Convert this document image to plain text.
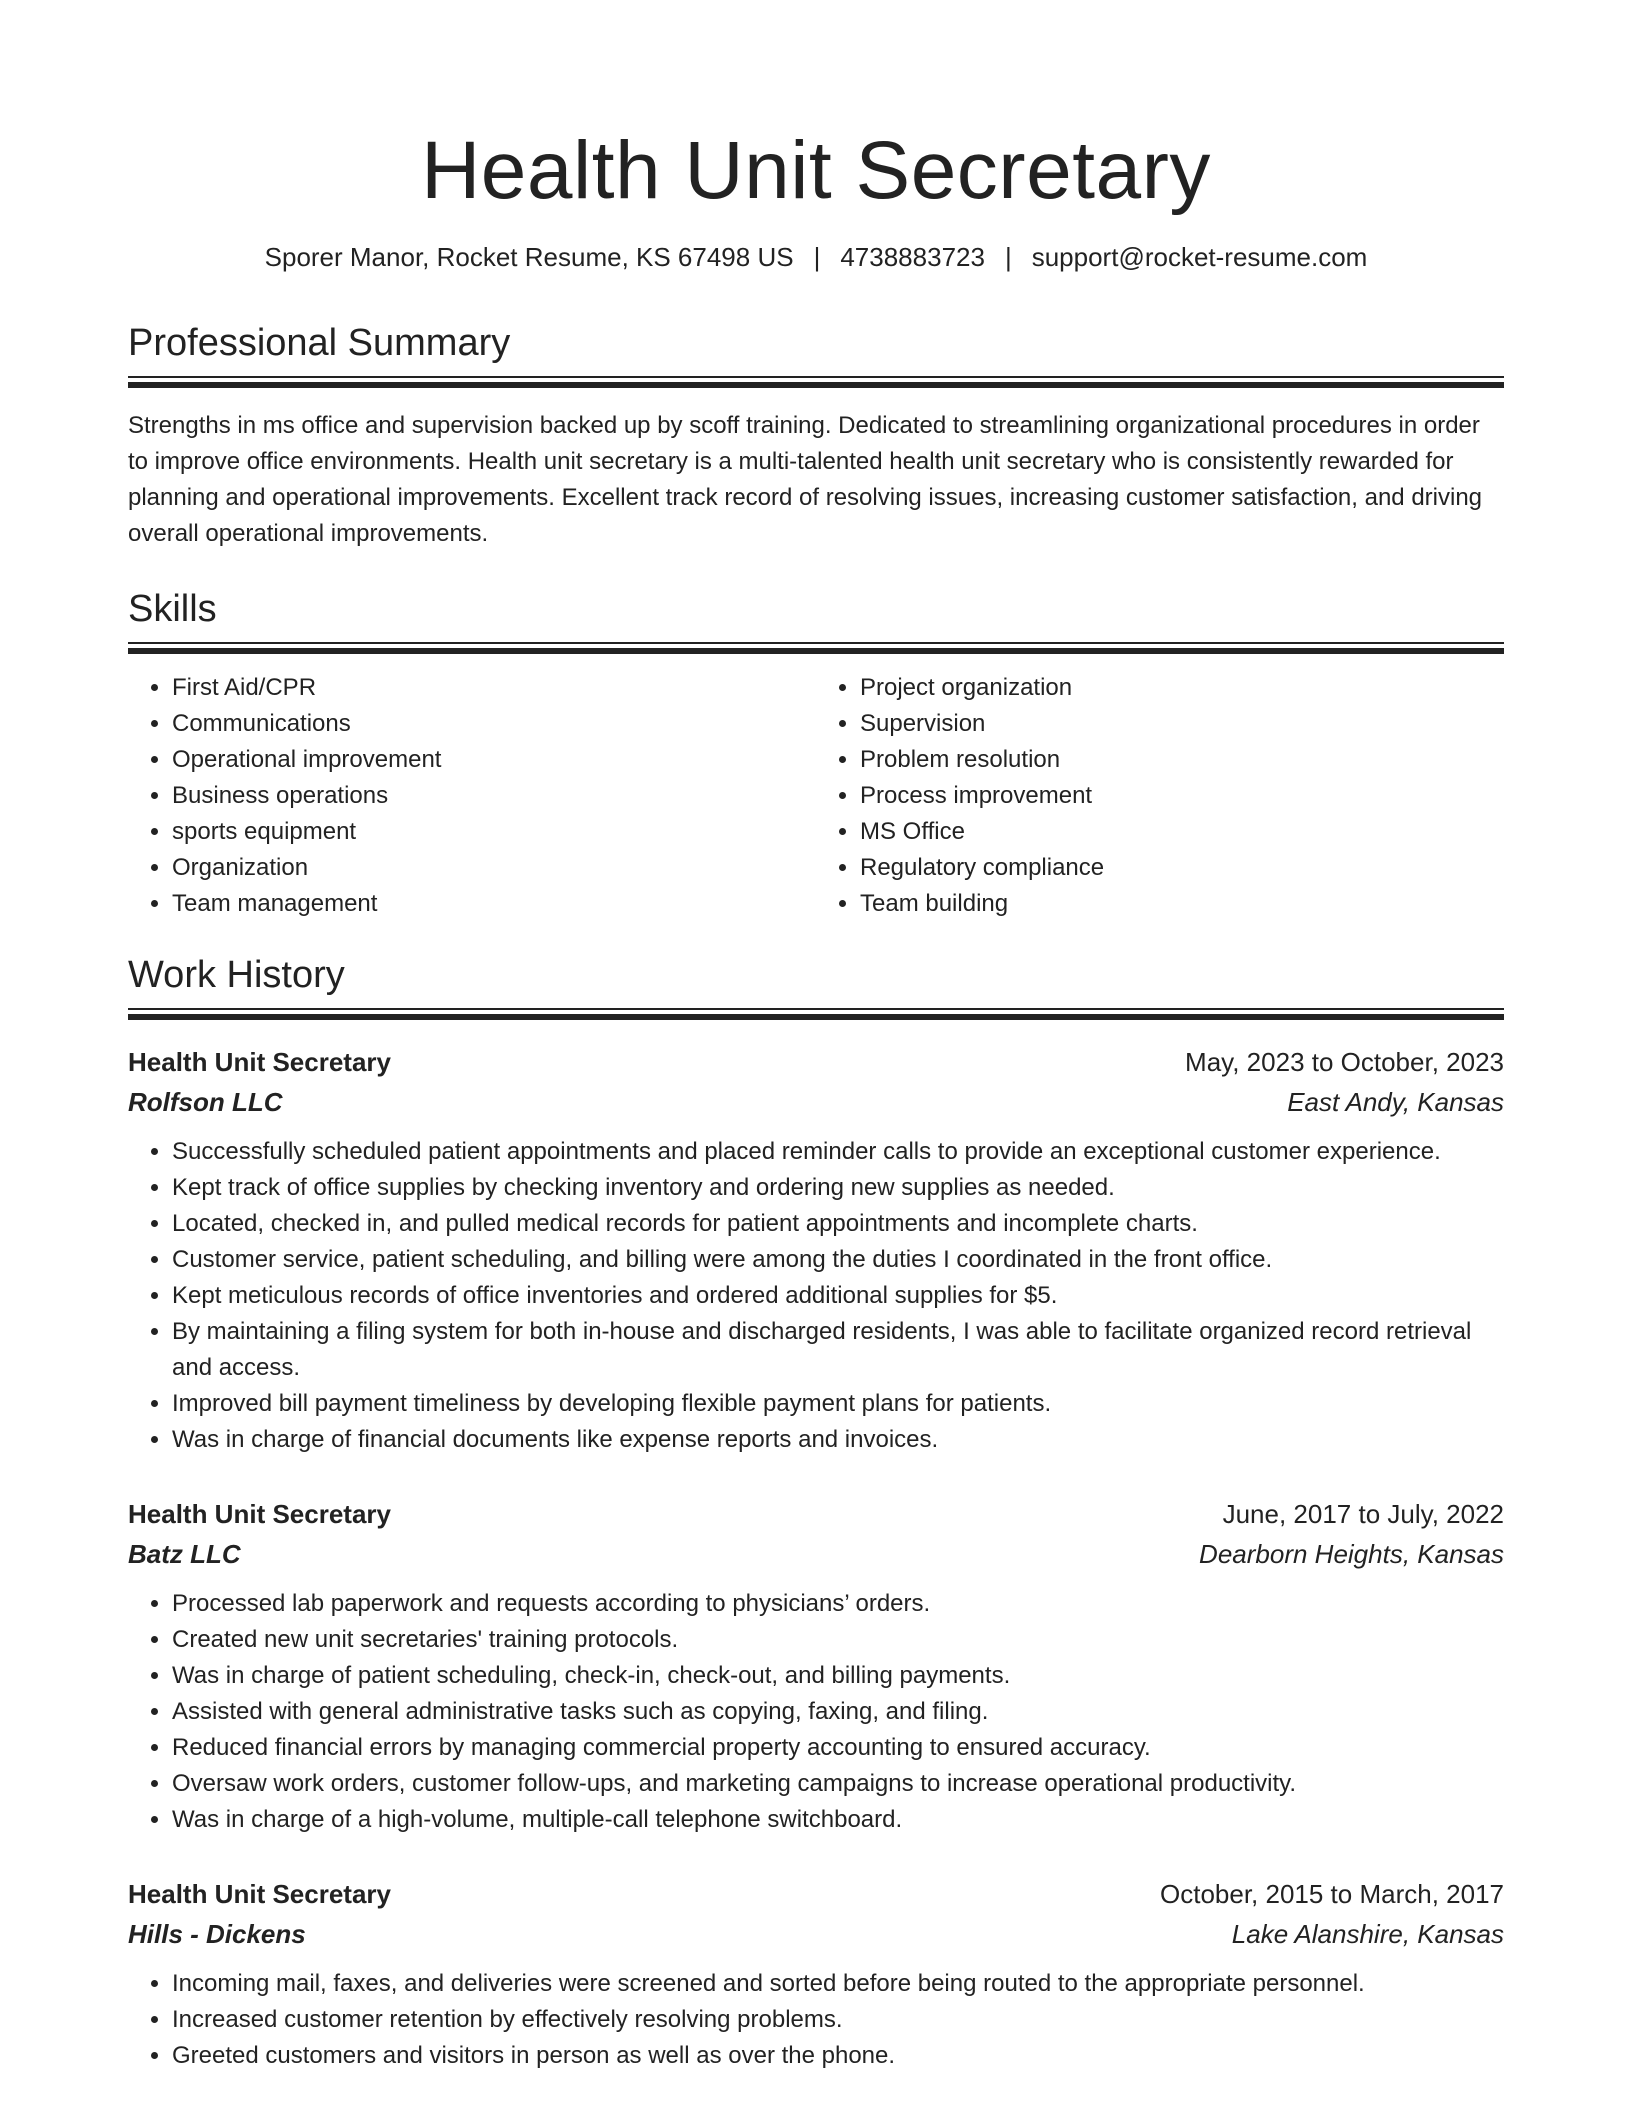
Health Unit Secretary
Sporer Manor, Rocket Resume, KS 67498 US | 4738883723 | support@rocket-resume.com
Professional Summary

Strengths in ms office and supervision backed up by scoff training. Dedicated to streamlining organizational procedures in order to improve office environments. Health unit secretary is a multi-talented health unit secretary who is consistently rewarded for planning and operational improvements. Excellent track record of resolving issues, increasing customer satisfaction, and driving overall operational improvements.

Skills
• First Aid/CPR
• Communications
• Operational improvement
• Business operations
• sports equipment
• Organization
• Team management
• Project organization
• Supervision
• Problem resolution
• Process improvement
• MS Office
• Regulatory compliance
• Team building
Work History
Health Unit Secretary	May, 2023 to October, 2023
Rolfson LLC	East Andy, Kansas
• Successfully scheduled patient appointments and placed reminder calls to provide an exceptional customer experience.
• Kept track of office supplies by checking inventory and ordering new supplies as needed.
• Located, checked in, and pulled medical records for patient appointments and incomplete charts.
• Customer service, patient scheduling, and billing were among the duties I coordinated in the front office.
• Kept meticulous records of office inventories and ordered additional supplies for $5.
• By maintaining a filing system for both in-house and discharged residents, I was able to facilitate organized record retrieval and access.
• Improved bill payment timeliness by developing flexible payment plans for patients.
• Was in charge of financial documents like expense reports and invoices.
Health Unit Secretary	June, 2017 to July, 2022
Batz LLC	Dearborn Heights, Kansas
• Processed lab paperwork and requests according to physicians’ orders.
• Created new unit secretaries' training protocols.
• Was in charge of patient scheduling, check-in, check-out, and billing payments.
• Assisted with general administrative tasks such as copying, faxing, and filing.
• Reduced financial errors by managing commercial property accounting to ensured accuracy.
• Oversaw work orders, customer follow-ups, and marketing campaigns to increase operational productivity.
• Was in charge of a high-volume, multiple-call telephone switchboard.
Health Unit Secretary	October, 2015 to March, 2017
Hills - Dickens	Lake Alanshire, Kansas
• Incoming mail, faxes, and deliveries were screened and sorted before being routed to the appropriate personnel.
• Increased customer retention by effectively resolving problems.
• Greeted customers and visitors in person as well as over the phone.
